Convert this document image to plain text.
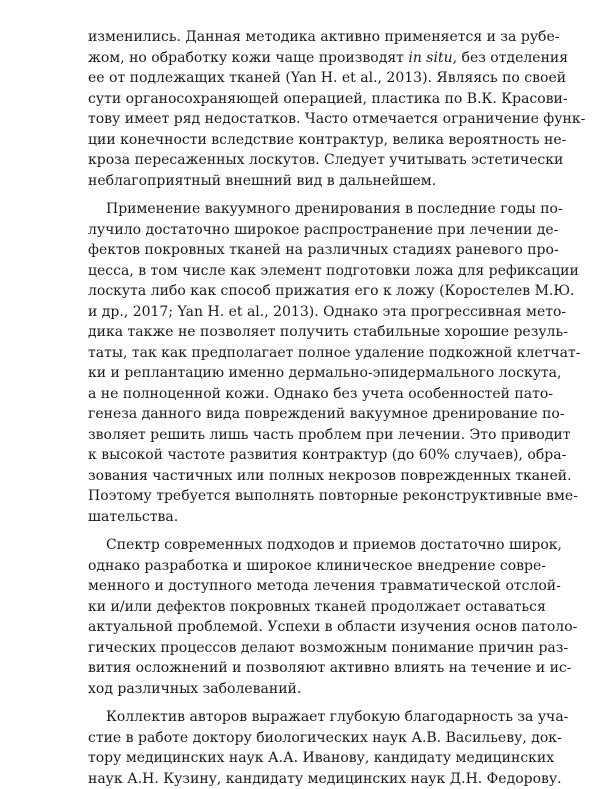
изменились. Данная методика активно применяется и за рубе-
жом, но обработку кожи чаще производят in situ, без отделения
ее от подлежащих тканей (Yan H. et al., 2013). Являясь по своей
сути органосохраняющей операцией, пластика по В.К. Красови-
тову имеет ряд недостатков. Часто отмечается ограничение функ-
ции конечности вследствие контрактур, велика вероятность не-
кроза пересаженных лоскутов. Следует учитывать эстетически
неблагоприятный внешний вид в дальнейшем.

Применение вакуумного дренирования в последние годы по-
лучило достаточно широкое распространение при лечении де-
фектов покровных тканей на различных стадиях раневого про-
цесса, в том числе как элемент подготовки ложа для рефиксации
лоскута либо как способ прижатия его к ложу (Коростелев М.Ю.
и др., 2017; Yan H. et al., 2013). Однако эта прогрессивная мето-
дика также не позволяет получить стабильные хорошие резуль-
таты, так как предполагает полное удаление подкожной клетчат-
ки и реплантацию именно дермально-эпидермального лоскута,
а не полноценной кожи. Однако без учета особенностей пато-
генеза данного вида повреждений вакуумное дренирование по-
зволяет решить лишь часть проблем при лечении. Это приводит
к высокой частоте развития контрактур (до 60% случаев), обра-
зования частичных или полных некрозов поврежденных тканей.
Поэтому требуется выполнять повторные реконструктивные вме-
шательства.

Спектр современных подходов и приемов достаточно широк,
однако разработка и широкое клиническое внедрение совре-
менного и доступного метода лечения травматической отслой-
ки и/или дефектов покровных тканей продолжает оставаться
актуальной проблемой. Успехи в области изучения основ патоло-
гических процессов делают возможным понимание причин раз-
вития осложнений и позволяют активно влиять на течение и ис-
ход различных заболеваний.

Коллектив авторов выражает глубокую благодарность за уча-
стие в работе доктору биологических наук А.В. Васильеву, док-
тору медицинских наук А.А. Иванову, кандидату медицинских
наук А.Н. Кузину, кандидату медицинских наук Д.Н. Федорову.
